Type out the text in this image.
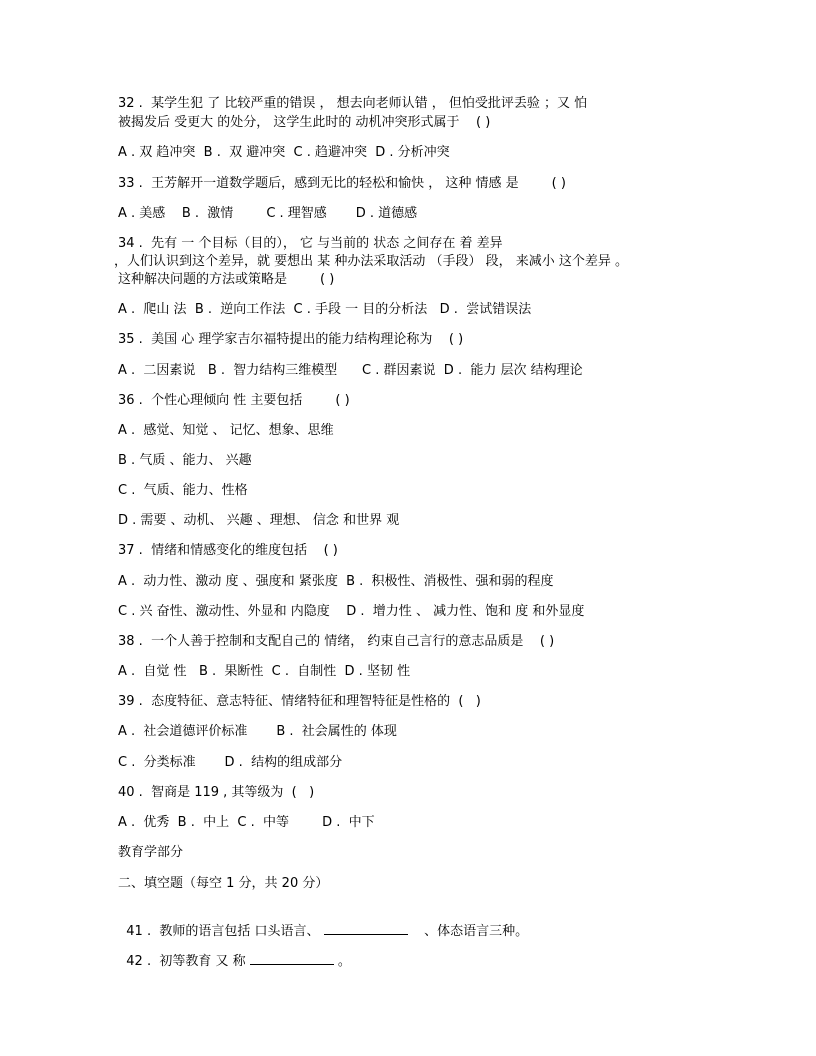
32 .  某学生犯 了 比较严重的错误 ， 想去向老师认错 ， 但怕受批评丢验 ；又 怕
被揭发后 受更大 的处分， 这学生此时的 动机冲突形式属于    ( )
A . 双 趋冲突  B .  双 避冲突  C . 趋避冲突  D . 分析冲突
33 .  王芳解开一道数学题后，感到无比的轻松和愉快 ， 这种 情感 是        ( )
A . 美感    B .  激情        C . 理智感       D . 道德感
34 .  先有 一 个目标（目的）， 它 与当前的 状态 之间存在 着 差异
，人们认识到这个差异，就 要想出 某 种办法采取活动 （手段） 段， 来减小 这个差异 。
这种解决问题的方法或策略是        ( )
A .  爬山 法  B .  逆向工作法  C . 手段 一 目的分析法   D .  尝试错误法
35 .  美国 心 理学家吉尔福特提出的能力结构理论称为    ( )
A .  二因素说   B .  智力结构三维模型      C . 群因素说  D .  能力 层次 结构理论
36 .  个性心理倾向 性 主要包括        ( )
A .  感觉、知觉 、 记忆、想象、思维
B . 气质 、能力、 兴趣
C .  气质、能力、性格
D . 需要 、动机、 兴趣 、理想、 信念 和世界 观
37 .  情绪和情感变化的维度包括    ( )
A .  动力性、激动 度 、强度和 紧张度  B .  积极性、消极性、强和弱的程度
C . 兴 奋性、激动性、外显和 内隐度    D .  增力性 、 减力性、饱和 度 和外显度
38 .  一个人善于控制和支配自己的 情绪， 约束自己言行的意志品质是    ( )
A .  自觉 性   B .  果断性  C .  自制性  D . 坚韧 性
39 .  态度特征、意志特征、情绪特征和理智特征是性格的  (   )
A .  社会道德评价标准       B .  社会属性的 体现
C .  分类标准       D .  结构的组成部分
40 .  智商是 119 , 其等级为  (   )
A .  优秀  B .  中上  C .  中等        D .  中下
教育学部分
二、填空题（每空 1 分，共 20 分）

41 .  教师的语言包括 口头语言、	、体态语言三种。

42 .  初等教育 又 称	。
